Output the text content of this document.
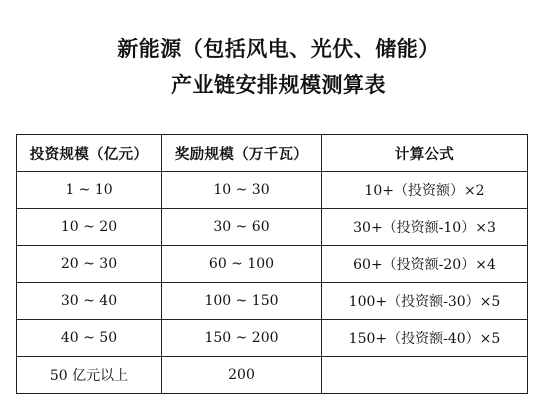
新能源（包括风电、光伏、储能）
产业链安排规模测算表
投资规模（亿元）	奖励规模（万千瓦）	计算公式
1 ~ 10	10 ~ 30	10+（投资额）×2
10 ~ 20	30 ~ 60	30+（投资额-10）×3
20 ~ 30	60 ~ 100	60+（投资额-20）×4
30 ~ 40	100 ~ 150	100+（投资额-30）×5
40 ~ 50	150 ~ 200	150+（投资额-40）×5
50 亿元以上	200	
